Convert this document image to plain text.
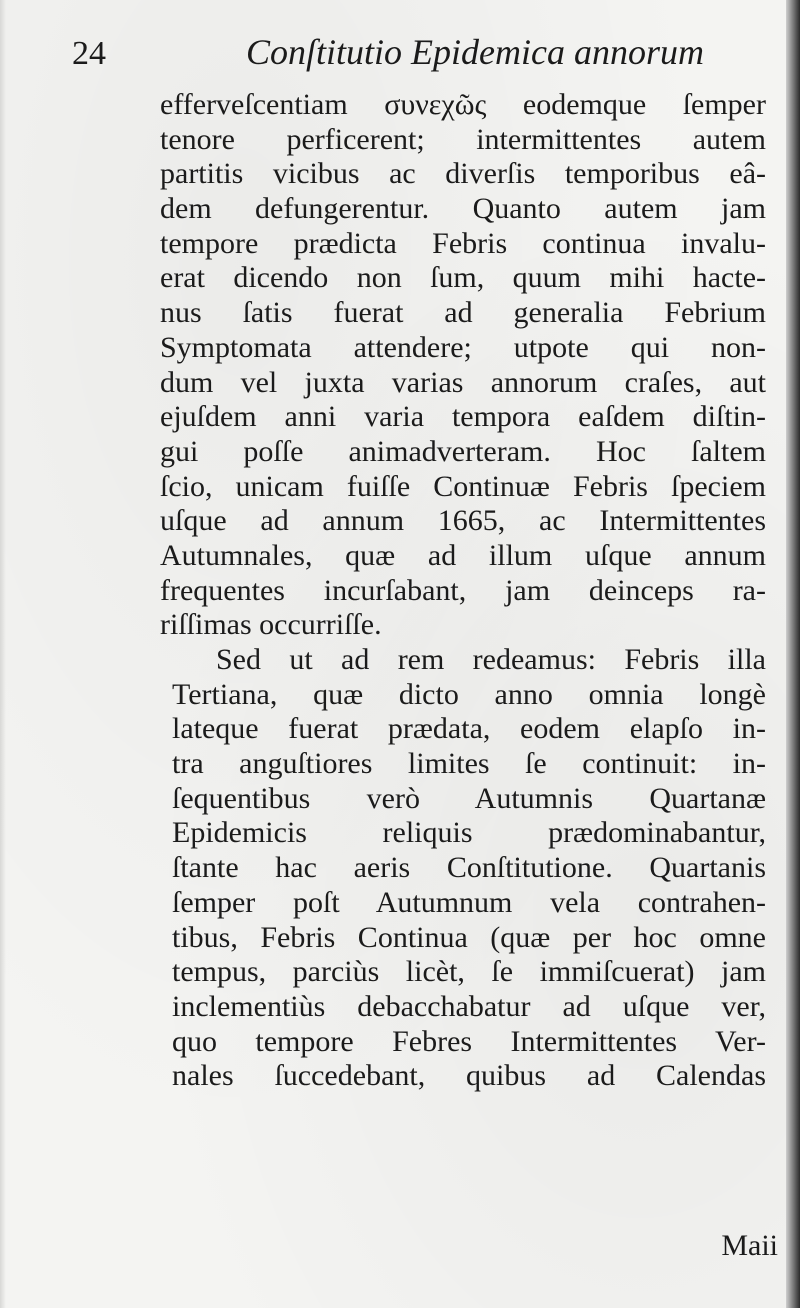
24	Conſtitutio Epidemica annorum
efferveſcentiam συνεχῶς eodemque ſemper
tenore perficerent; intermittentes autem
partitis vicibus ac diverſis temporibus eâ-
dem defungerentur. Quanto autem jam
tempore prædicta Febris continua invalu-
erat dicendo non ſum, quum mihi hacte-
nus ſatis fuerat ad generalia Febrium
Symptomata attendere; utpote qui non-
dum vel juxta varias annorum craſes, aut
ejuſdem anni varia tempora eaſdem diſtin-
gui poſſe animadverteram. Hoc ſaltem
ſcio, unicam fuiſſe Continuæ Febris ſpeciem
uſque ad annum 1665, ac Intermittentes
Autumnales, quæ ad illum uſque annum
frequentes incurſabant, jam deinceps ra-
riſſimas occurriſſe.
Sed ut ad rem redeamus: Febris illa
Tertiana, quæ dicto anno omnia longè
lateque fuerat prædata, eodem elapſo in-
tra anguſtiores limites ſe continuit: in-
ſequentibus verò Autumnis Quartanæ
Epidemicis reliquis prædominabantur,
ſtante hac aeris Conſtitutione. Quartanis
ſemper poſt Autumnum vela contrahen-
tibus, Febris Continua (quæ per hoc omne
tempus, parciùs licèt, ſe immiſcuerat) jam
inclementiùs debacchabatur ad uſque ver,
quo tempore Febres Intermittentes Ver-
nales ſuccedebant, quibus ad Calendas
Maii
